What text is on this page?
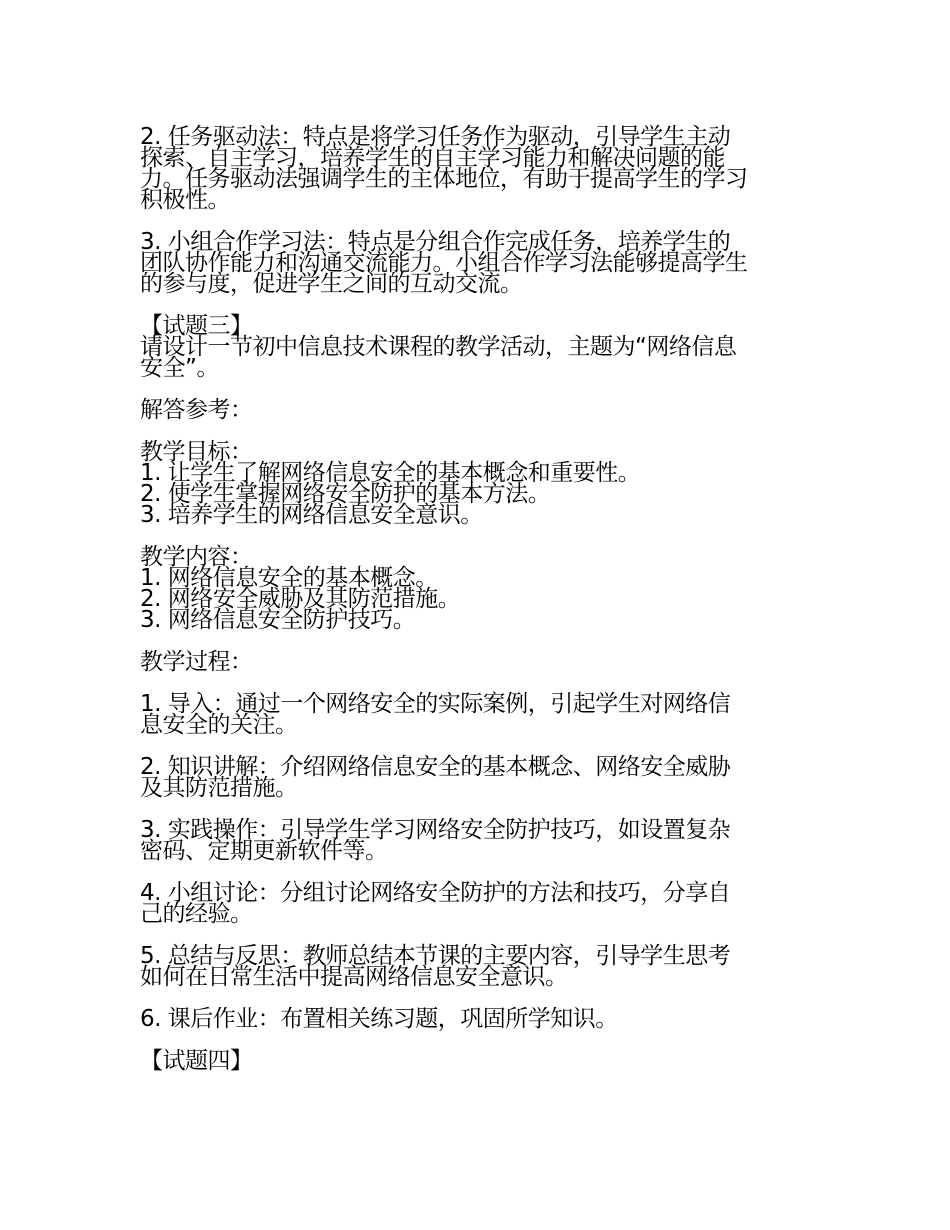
2. 任务驱动法：特点是将学习任务作为驱动，引导学生主动
探索、自主学习，培养学生的自主学习能力和解决问题的能
力。任务驱动法强调学生的主体地位，有助于提高学生的学习
积极性。
3. 小组合作学习法：特点是分组合作完成任务，培养学生的
团队协作能力和沟通交流能力。小组合作学习法能够提高学生
的参与度，促进学生之间的互动交流。
【试题三】
请设计一节初中信息技术课程的教学活动，主题为“网络信息
安全”。
解答参考：
教学目标：
1. 让学生了解网络信息安全的基本概念和重要性。
2. 使学生掌握网络安全防护的基本方法。
3. 培养学生的网络信息安全意识。
教学内容：
1. 网络信息安全的基本概念。
2. 网络安全威胁及其防范措施。
3. 网络信息安全防护技巧。
教学过程：
1. 导入：通过一个网络安全的实际案例，引起学生对网络信
息安全的关注。
2. 知识讲解：介绍网络信息安全的基本概念、网络安全威胁
及其防范措施。
3. 实践操作：引导学生学习网络安全防护技巧，如设置复杂
密码、定期更新软件等。
4. 小组讨论：分组讨论网络安全防护的方法和技巧，分享自
己的经验。
5. 总结与反思：教师总结本节课的主要内容，引导学生思考
如何在日常生活中提高网络信息安全意识。
6. 课后作业：布置相关练习题，巩固所学知识。
【试题四】
